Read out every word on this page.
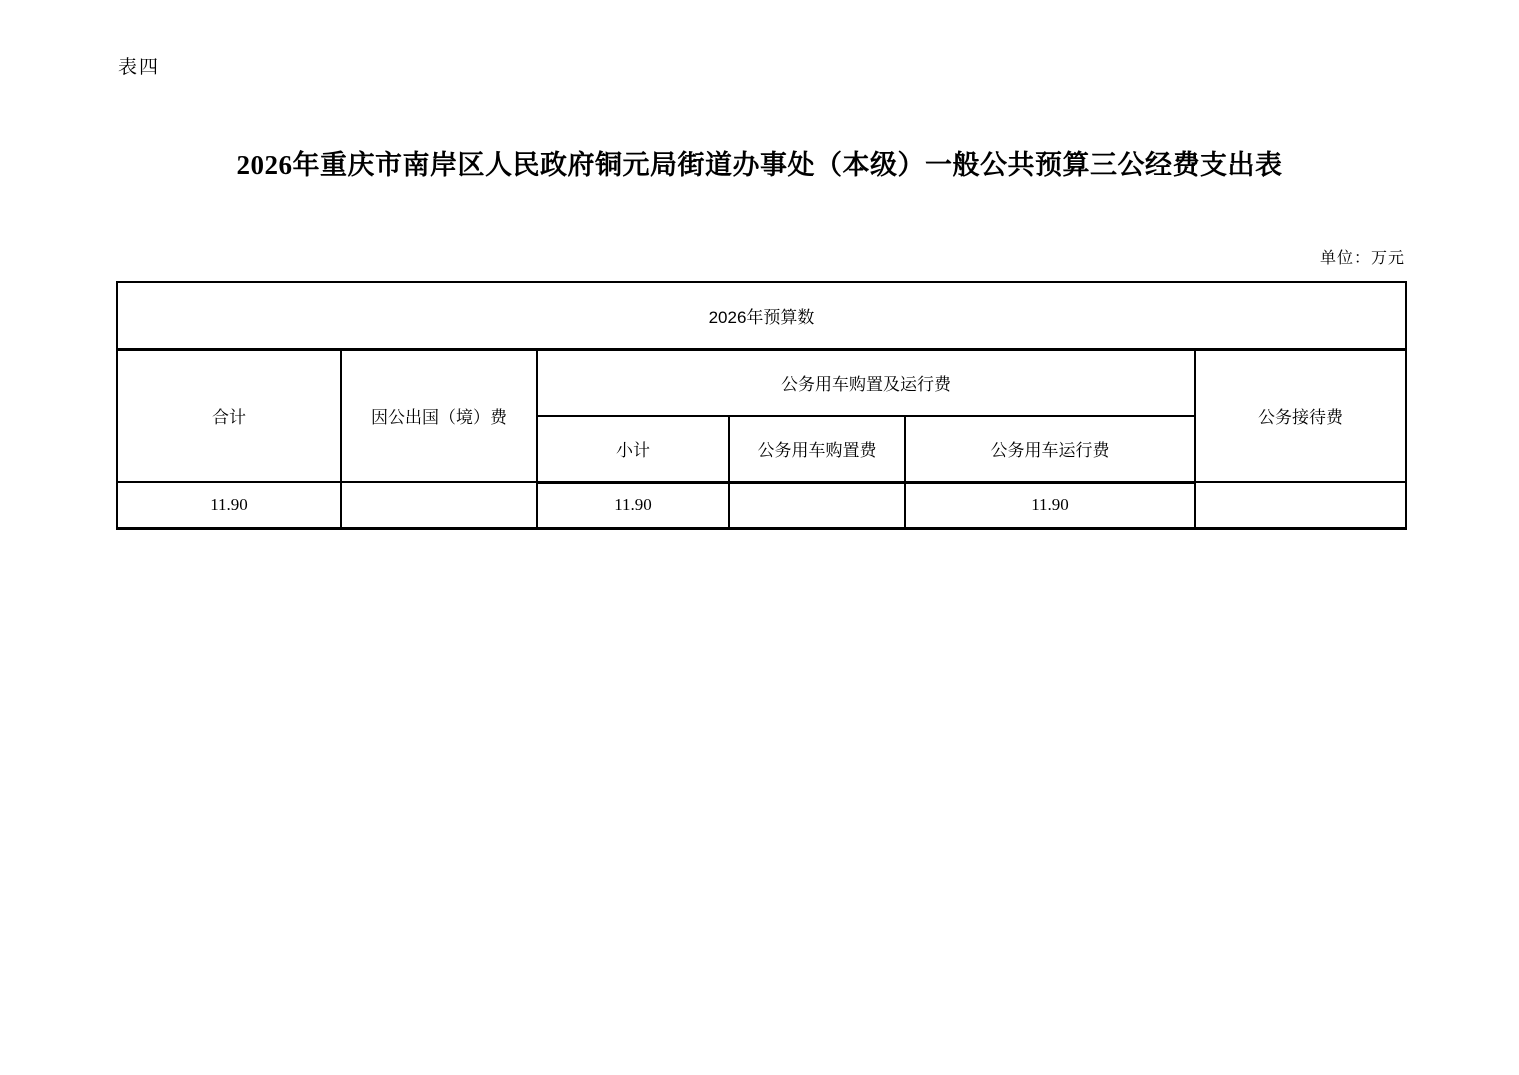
表四
2026年重庆市南岸区人民政府铜元局街道办事处（本级）一般公共预算三公经费支出表
单位：万元
2026年预算数					
合计	因公出国（境）费	公务用车购置及运行费			公务接待费
		小计	公务用车购置费	公务用车运行费	
11.90		11.90		11.90	
